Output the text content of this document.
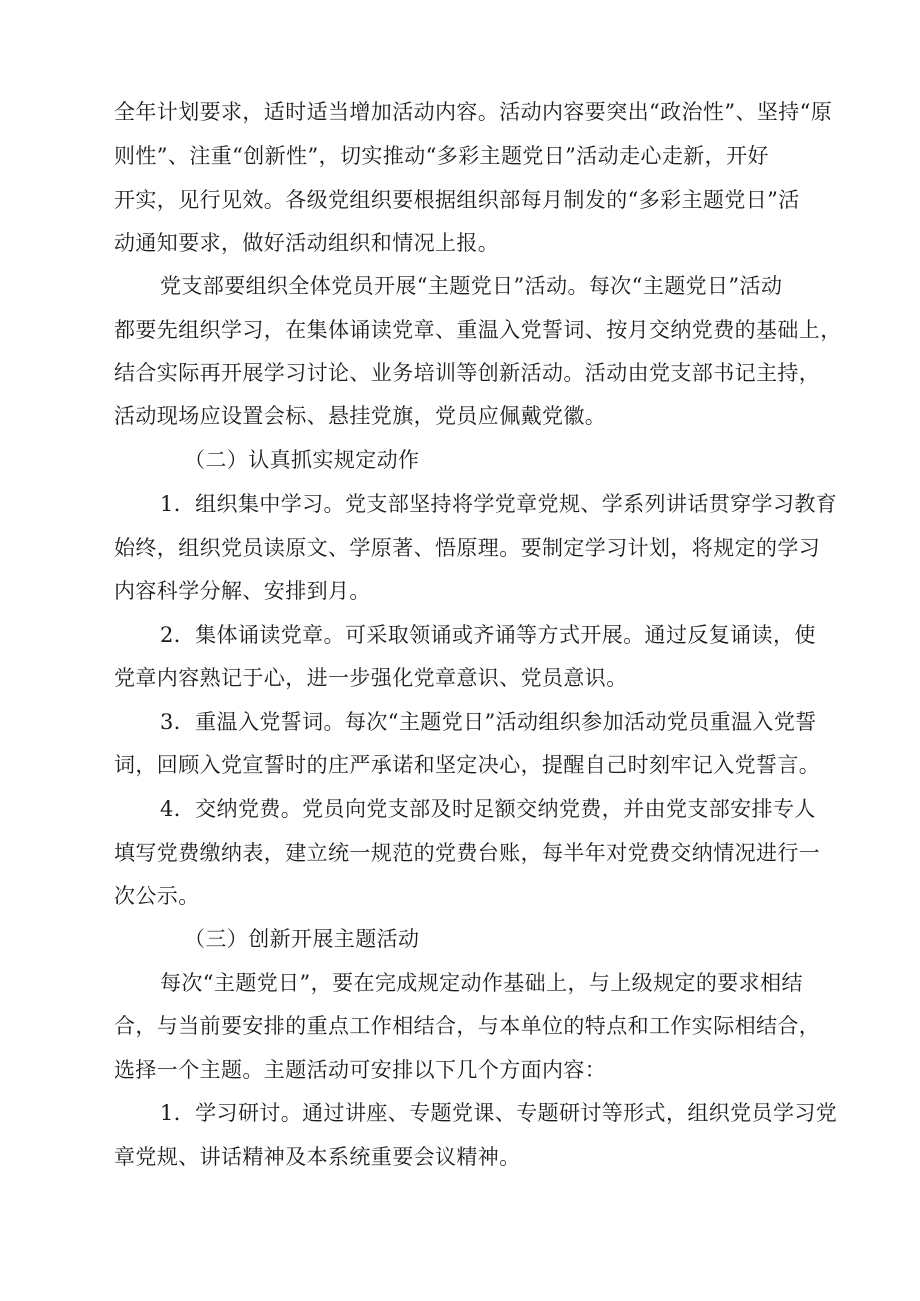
全年计划要求，适时适当增加活动内容。活动内容要突出“政治性”、坚持“原
则性”、注重“创新性”，切实推动“多彩主题党日”活动走心走新，开好
开实，见行见效。各级党组织要根据组织部每月制发的“多彩主题党日”活
动通知要求，做好活动组织和情况上报。
党支部要组织全体党员开展“主题党日”活动。每次“主题党日”活动
都要先组织学习，在集体诵读党章、重温入党誓词、按月交纳党费的基础上，
结合实际再开展学习讨论、业务培训等创新活动。活动由党支部书记主持，
活动现场应设置会标、悬挂党旗，党员应佩戴党徽。
（二）认真抓实规定动作
1．组织集中学习。党支部坚持将学党章党规、学系列讲话贯穿学习教育
始终，组织党员读原文、学原著、悟原理。要制定学习计划，将规定的学习
内容科学分解、安排到月。
2．集体诵读党章。可采取领诵或齐诵等方式开展。通过反复诵读，使
党章内容熟记于心，进一步强化党章意识、党员意识。
3．重温入党誓词。每次“主题党日”活动组织参加活动党员重温入党誓
词，回顾入党宣誓时的庄严承诺和坚定决心，提醒自己时刻牢记入党誓言。
4．交纳党费。党员向党支部及时足额交纳党费，并由党支部安排专人
填写党费缴纳表，建立统一规范的党费台账，每半年对党费交纳情况进行一
次公示。
（三）创新开展主题活动
每次“主题党日”，要在完成规定动作基础上，与上级规定的要求相结
合，与当前要安排的重点工作相结合，与本单位的特点和工作实际相结合，
选择一个主题。主题活动可安排以下几个方面内容：
1．学习研讨。通过讲座、专题党课、专题研讨等形式，组织党员学习党
章党规、讲话精神及本系统重要会议精神。
